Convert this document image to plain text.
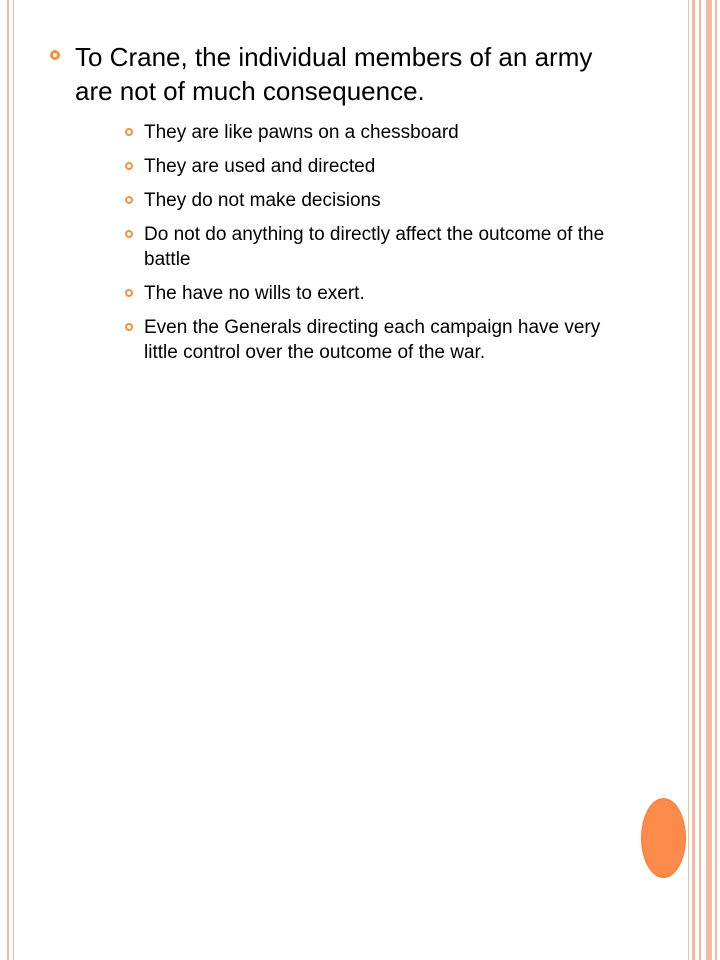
To Crane, the individual members of an army are not of much consequence.
They are like pawns on a chessboard
They are used and directed
They do not make decisions
Do not do anything to directly affect the outcome of the battle
The have no wills to exert.
Even the Generals directing each campaign have very little control over the outcome of the war.
